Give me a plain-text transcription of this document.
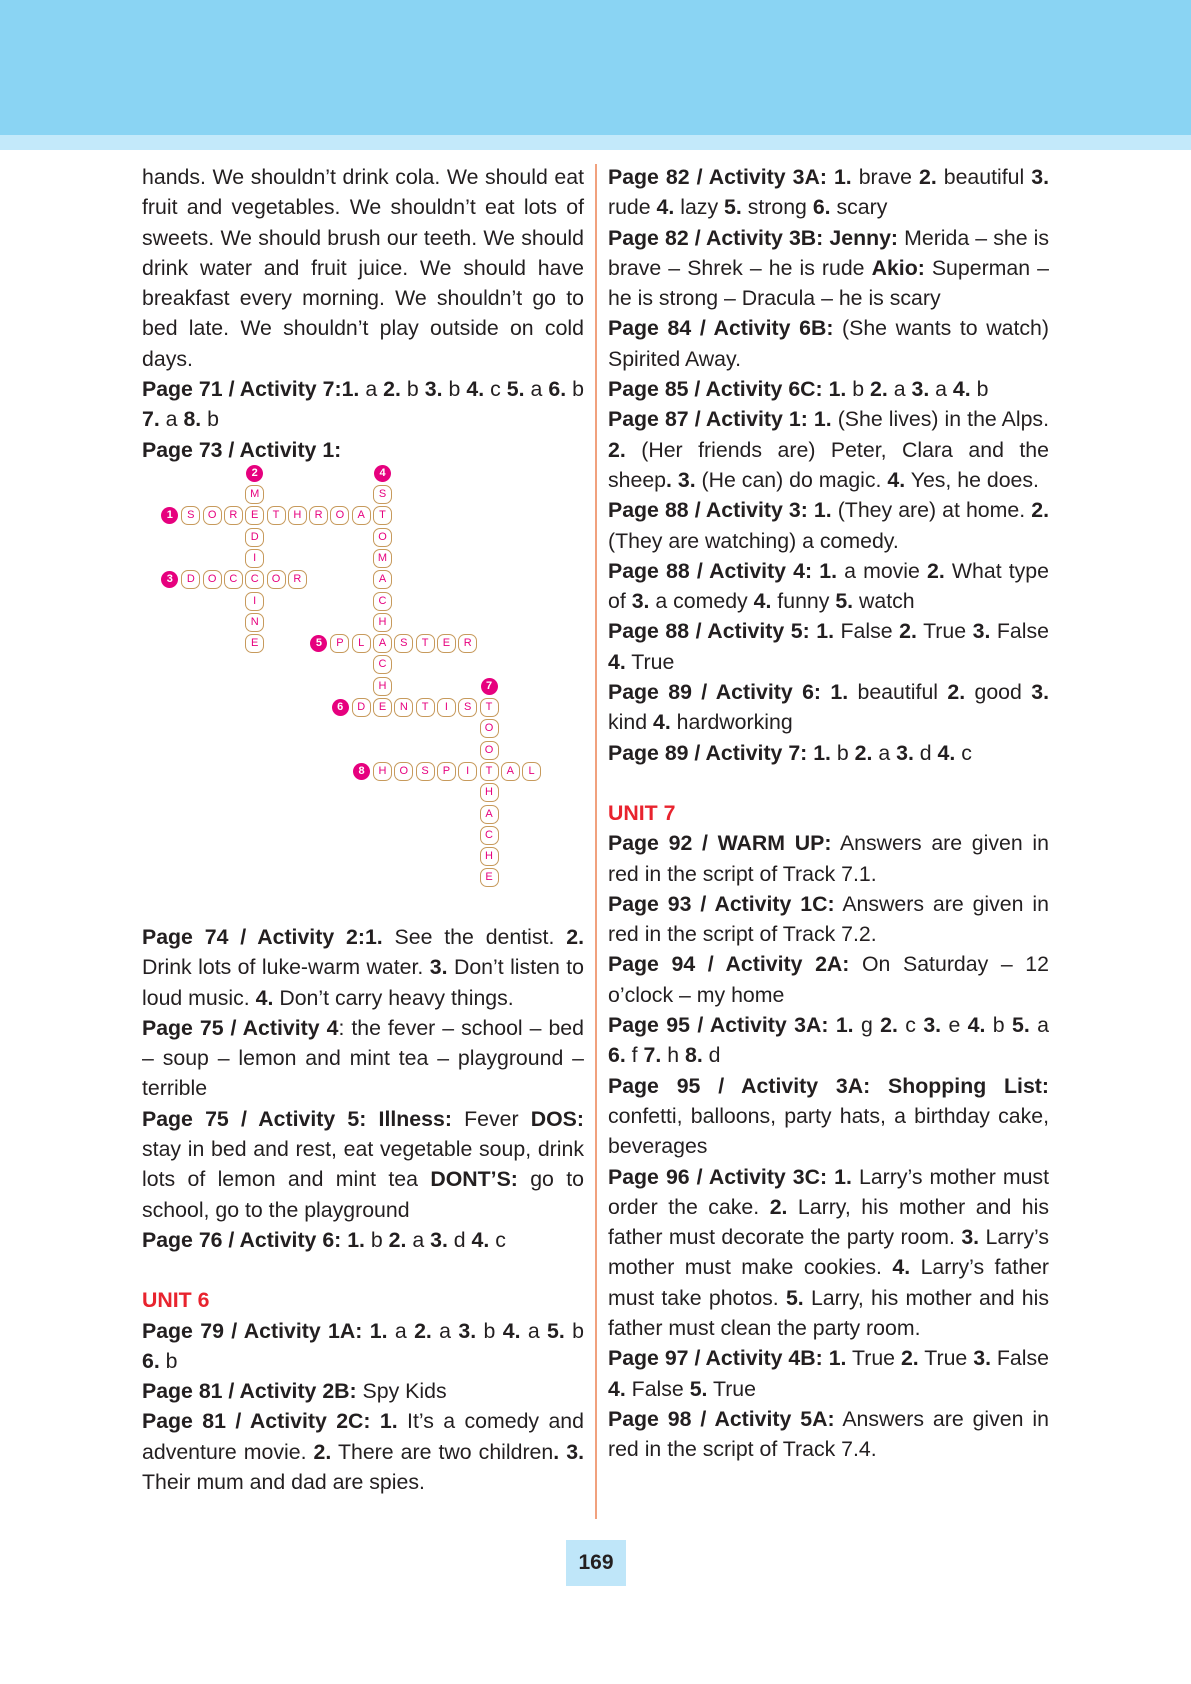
hands. We shouldn’t drink cola. We should eat fruit and vegetables. We shouldn’t eat lots of sweets. We should brush our teeth. We should drink water and fruit juice. We should have breakfast every morning. We shouldn’t go to bed late. We shouldn’t play outside on cold days.

Page 71 / Activity 7:1. a 2. b 3. b 4. c 5. a 6. b 7. a 8. b

Page 73 / Activity 1:

Page 74 / Activity 2:1. See the dentist. 2. Drink lots of luke-warm water. 3. Don’t listen to loud music. 4. Don’t carry heavy things.

Page 75 / Activity 4: the fever – school – bed – soup – lemon and mint tea – playground – terrible

Page 75 / Activity 5: Illness: Fever DOS: stay in bed and rest, eat vegetable soup, drink lots of lemon and mint tea DONT’S: go to school, go to the playground

Page 76 / Activity 6: 1. b 2. a 3. d 4. c

UNIT 6

Page 79 / Activity 1A: 1. a 2. a 3. b 4. a 5. b 6. b

Page 81 / Activity 2B: Spy Kids

Page 81 / Activity 2C: 1. It’s a comedy and adventure movie. 2. There are two children. 3. Their mum and dad are spies.

Page 82 / Activity 3A: 1. brave 2. beautiful 3. rude 4. lazy 5. strong 6. scary

Page 82 / Activity 3B: Jenny: Merida – she is brave – Shrek – he is rude Akio: Superman – he is strong – Dracula – he is scary

Page 84 / Activity 6B: (She wants to watch) Spirited Away.

Page 85 / Activity 6C: 1. b 2. a 3. a 4. b

Page 87 / Activity 1: 1. (She lives) in the Alps. 2. (Her friends are) Peter, Clara and the sheep. 3. (He can) do magic. 4. Yes, he does.

Page 88 / Activity 3: 1. (They are) at home. 2. (They are watching) a comedy.

Page 88 / Activity 4: 1. a movie 2. What type of 3. a comedy 4. funny 5. watch

Page 88 / Activity 5: 1. False 2. True 3. False 4. True

Page 89 / Activity 6: 1. beautiful 2. good 3. kind 4. hardworking

Page 89 / Activity 7: 1. b 2. a 3. d 4. c

UNIT 7

Page 92 / WARM UP: Answers are given in red in the script of Track 7.1.

Page 93 / Activity 1C: Answers are given in red in the script of Track 7.2.

Page 94 / Activity 2A: On Saturday – 12 o’clock – my home

Page 95 / Activity 3A: 1. g 2. c 3. e 4. b 5. a 6. f 7. h 8. d

Page 95 / Activity 3A: Shopping List: confetti, balloons, party hats, a birthday cake, beverages

Page 96 / Activity 3C: 1. Larry’s mother must order the cake. 2. Larry, his mother and his father must decorate the party room. 3. Larry’s mother must make cookies. 4. Larry’s father must take photos. 5. Larry, his mother and his father must clean the party room.

Page 97 / Activity 4B: 1. True 2. True 3. False 4. False 5. True

Page 98 / Activity 5A: Answers are given in red in the script of Track 7.4.

S	O	R	E	T	H	R	O	A	T
1
M
D
I
C
I
N
E
2
D	O	C	O	R
3
S
O
M
A
C
H
A
C
H
E
4
P	L	S	T	E	R
5
D	N	T	I	S	T
6
O
O
T
H
A
C
H
E
7
H	O	S	P	I	A	L
8
169
